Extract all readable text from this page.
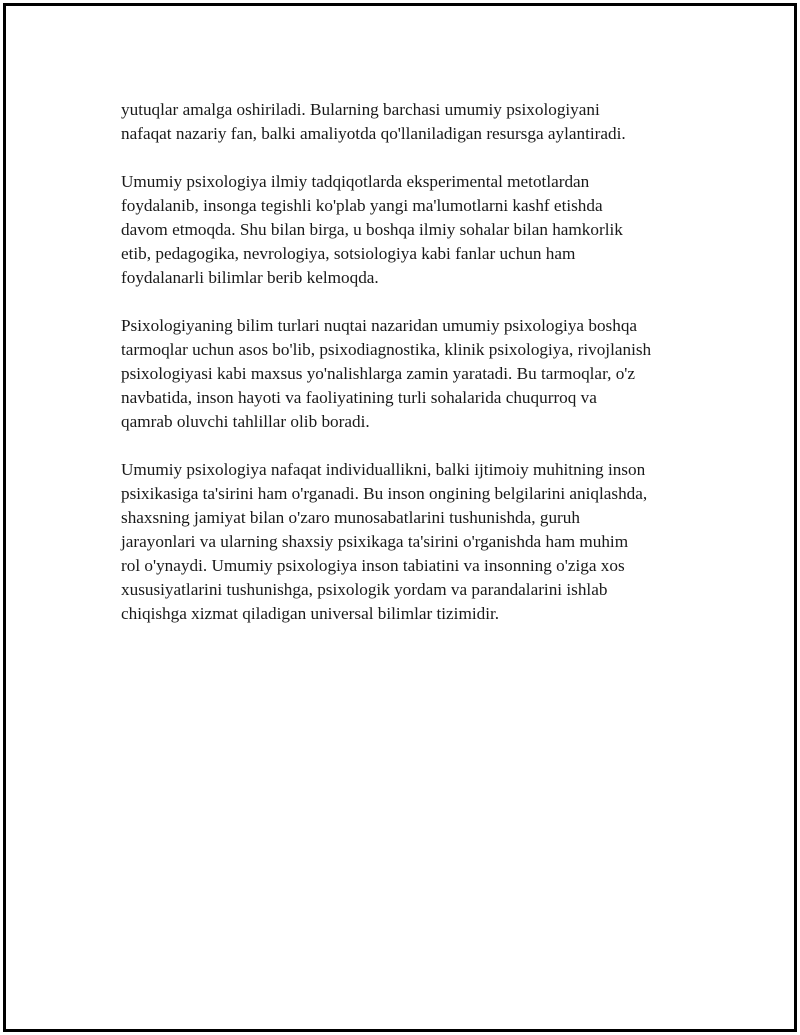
yutuqlar amalga oshiriladi. Bularning barchasi umumiy psixologiyani
nafaqat nazariy fan, balki amaliyotda qo'llaniladigan resursga aylantiradi.

Umumiy psixologiya ilmiy tadqiqotlarda eksperimental metotlardan
foydalanib, insonga tegishli ko'plab yangi ma'lumotlarni kashf etishda
davom etmoqda. Shu bilan birga, u boshqa ilmiy sohalar bilan hamkorlik
etib, pedagogika, nevrologiya, sotsiologiya kabi fanlar uchun ham
foydalanarli bilimlar berib kelmoqda.

Psixologiyaning bilim turlari nuqtai nazaridan umumiy psixologiya boshqa
tarmoqlar uchun asos bo'lib, psixodiagnostika, klinik psixologiya, rivojlanish
psixologiyasi kabi maxsus yo'nalishlarga zamin yaratadi. Bu tarmoqlar, o'z
navbatida, inson hayoti va faoliyatining turli sohalarida chuqurroq va
qamrab oluvchi tahlillar olib boradi.

Umumiy psixologiya nafaqat individuallikni, balki ijtimoiy muhitning inson
psixikasiga ta'sirini ham o'rganadi. Bu inson ongining belgilarini aniqlashda,
shaxsning jamiyat bilan o'zaro munosabatlarini tushunishda, guruh
jarayonlari va ularning shaxsiy psixikaga ta'sirini o'rganishda ham muhim
rol o'ynaydi. Umumiy psixologiya inson tabiatini va insonning o'ziga xos
xususiyatlarini tushunishga, psixologik yordam va parandalarini ishlab
chiqishga xizmat qiladigan universal bilimlar tizimidir.
